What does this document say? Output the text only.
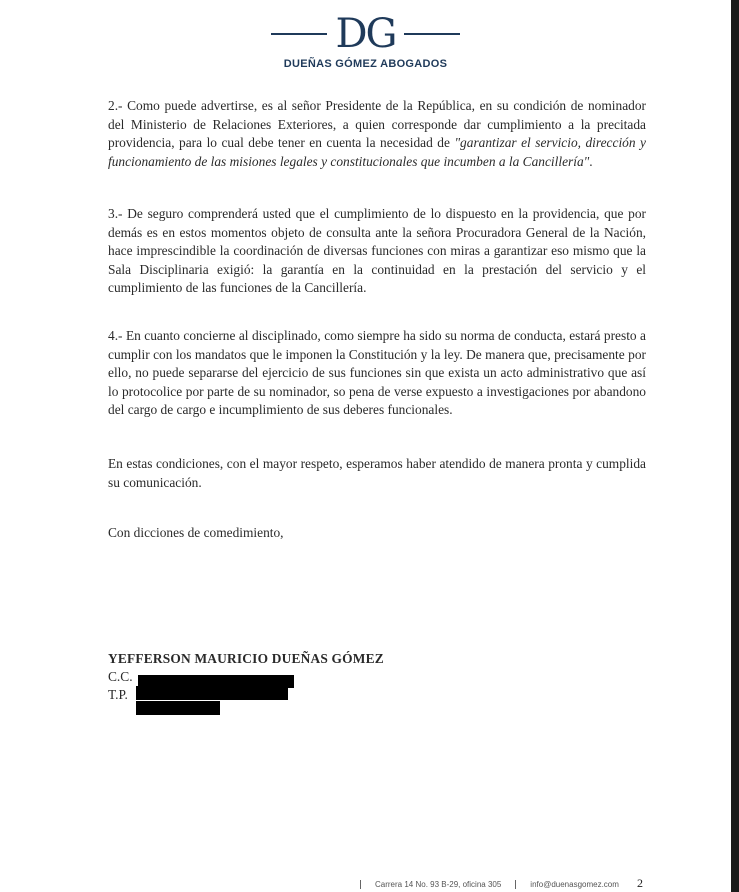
DG
DUEÑAS GÓMEZ ABOGADOS

2.- Como puede advertirse, es al señor Presidente de la República, en su condición de nominador del Ministerio de Relaciones Exteriores, a quien corresponde dar cumplimiento a la precitada providencia, para lo cual debe tener en cuenta la necesidad de "garantizar el servicio, dirección y funcionamiento de las misiones legales y constitucionales que incumben a la Cancillería".

3.- De seguro comprenderá usted que el cumplimiento de lo dispuesto en la providencia, que por demás es en estos momentos objeto de consulta ante la señora Procuradora General de la Nación, hace imprescindible la coordinación de diversas funciones con miras a garantizar eso mismo que la Sala Disciplinaria exigió: la garantía en la continuidad en la prestación del servicio y el cumplimiento de las funciones de la Cancillería.

4.- En cuanto concierne al disciplinado, como siempre ha sido su norma de conducta, estará presto a cumplir con los mandatos que le imponen la Constitución y la ley. De manera que, precisamente por ello, no puede separarse del ejercicio de sus funciones sin que exista un acto administrativo que así lo protocolice por parte de su nominador, so pena de verse expuesto a investigaciones por abandono del cargo de cargo e incumplimiento de sus deberes funcionales.

En estas condiciones, con el mayor respeto, esperamos haber atendido de manera pronta y cumplida su comunicación.

Con dicciones de comedimiento,

YEFFERSON MAURICIO DUEÑAS GÓMEZ
C.C.
T.P.
Carrera 14 No. 93 B-29, oficina 305	info@duenasgomez.com 2
